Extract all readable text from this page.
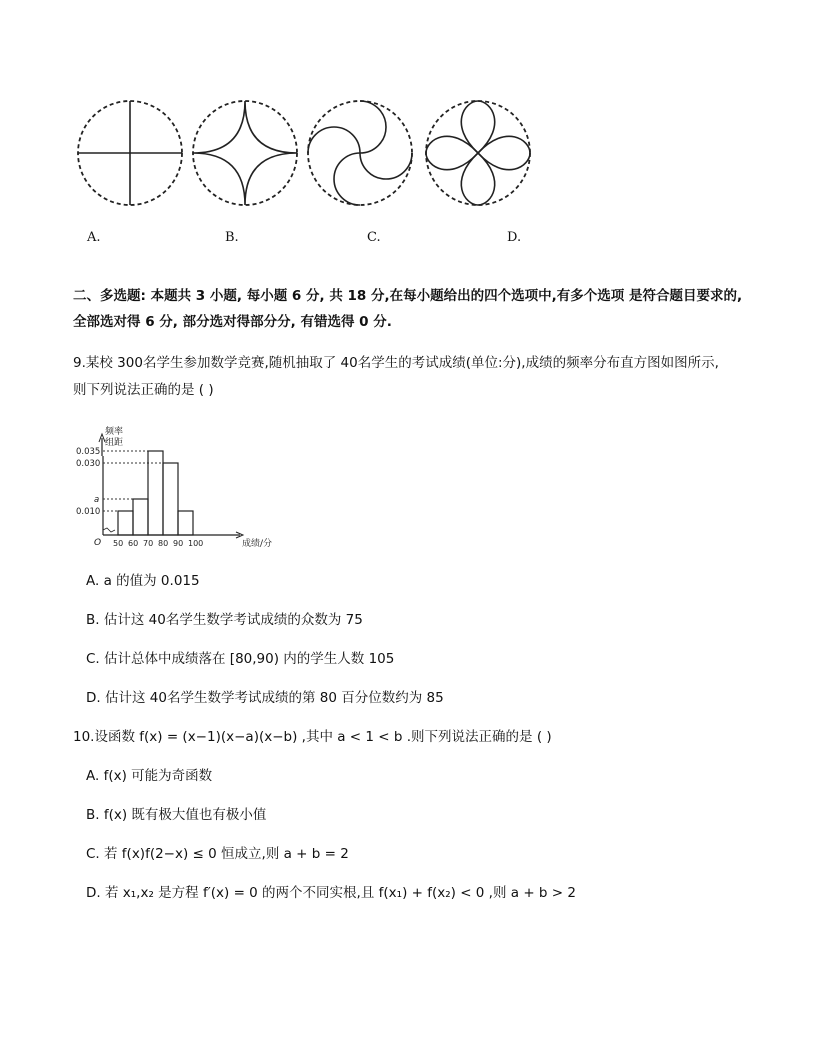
A.	B.	C.	D.
二、多选题: 本题共 3 小题, 每小题 6 分, 共 18 分,在每小题给出的四个选项中,有多个选项 是符合题目要求的,
全部选对得 6 分, 部分选对得部分分, 有错选得 0 分.
9.某校 300名学生参加数学竞赛,随机抽取了 40名学生的考试成绩(单位:分),成绩的频率分布直方图如图所示,
则下列说法正确的是 ( )
频率
组距
O
0.035
0.030
a
0.010
50 60 70 80 90 100	成绩/分
A. a 的值为 0.015
B. 估计这 40名学生数学考试成绩的众数为 75
C. 估计总体中成绩落在 [80,90) 内的学生人数 105
D. 估计这 40名学生数学考试成绩的第 80 百分位数约为 85
10.设函数 f(x) = (x−1)(x−a)(x−b) ,其中 a < 1 < b .则下列说法正确的是 ( )
A. f(x) 可能为奇函数
B. f(x) 既有极大值也有极小值
C. 若 f(x)f(2−x) ≤ 0 恒成立,则 a + b = 2
D. 若 x₁,x₂ 是方程 f′(x) = 0 的两个不同实根,且 f(x₁) + f(x₂) < 0 ,则 a + b > 2
